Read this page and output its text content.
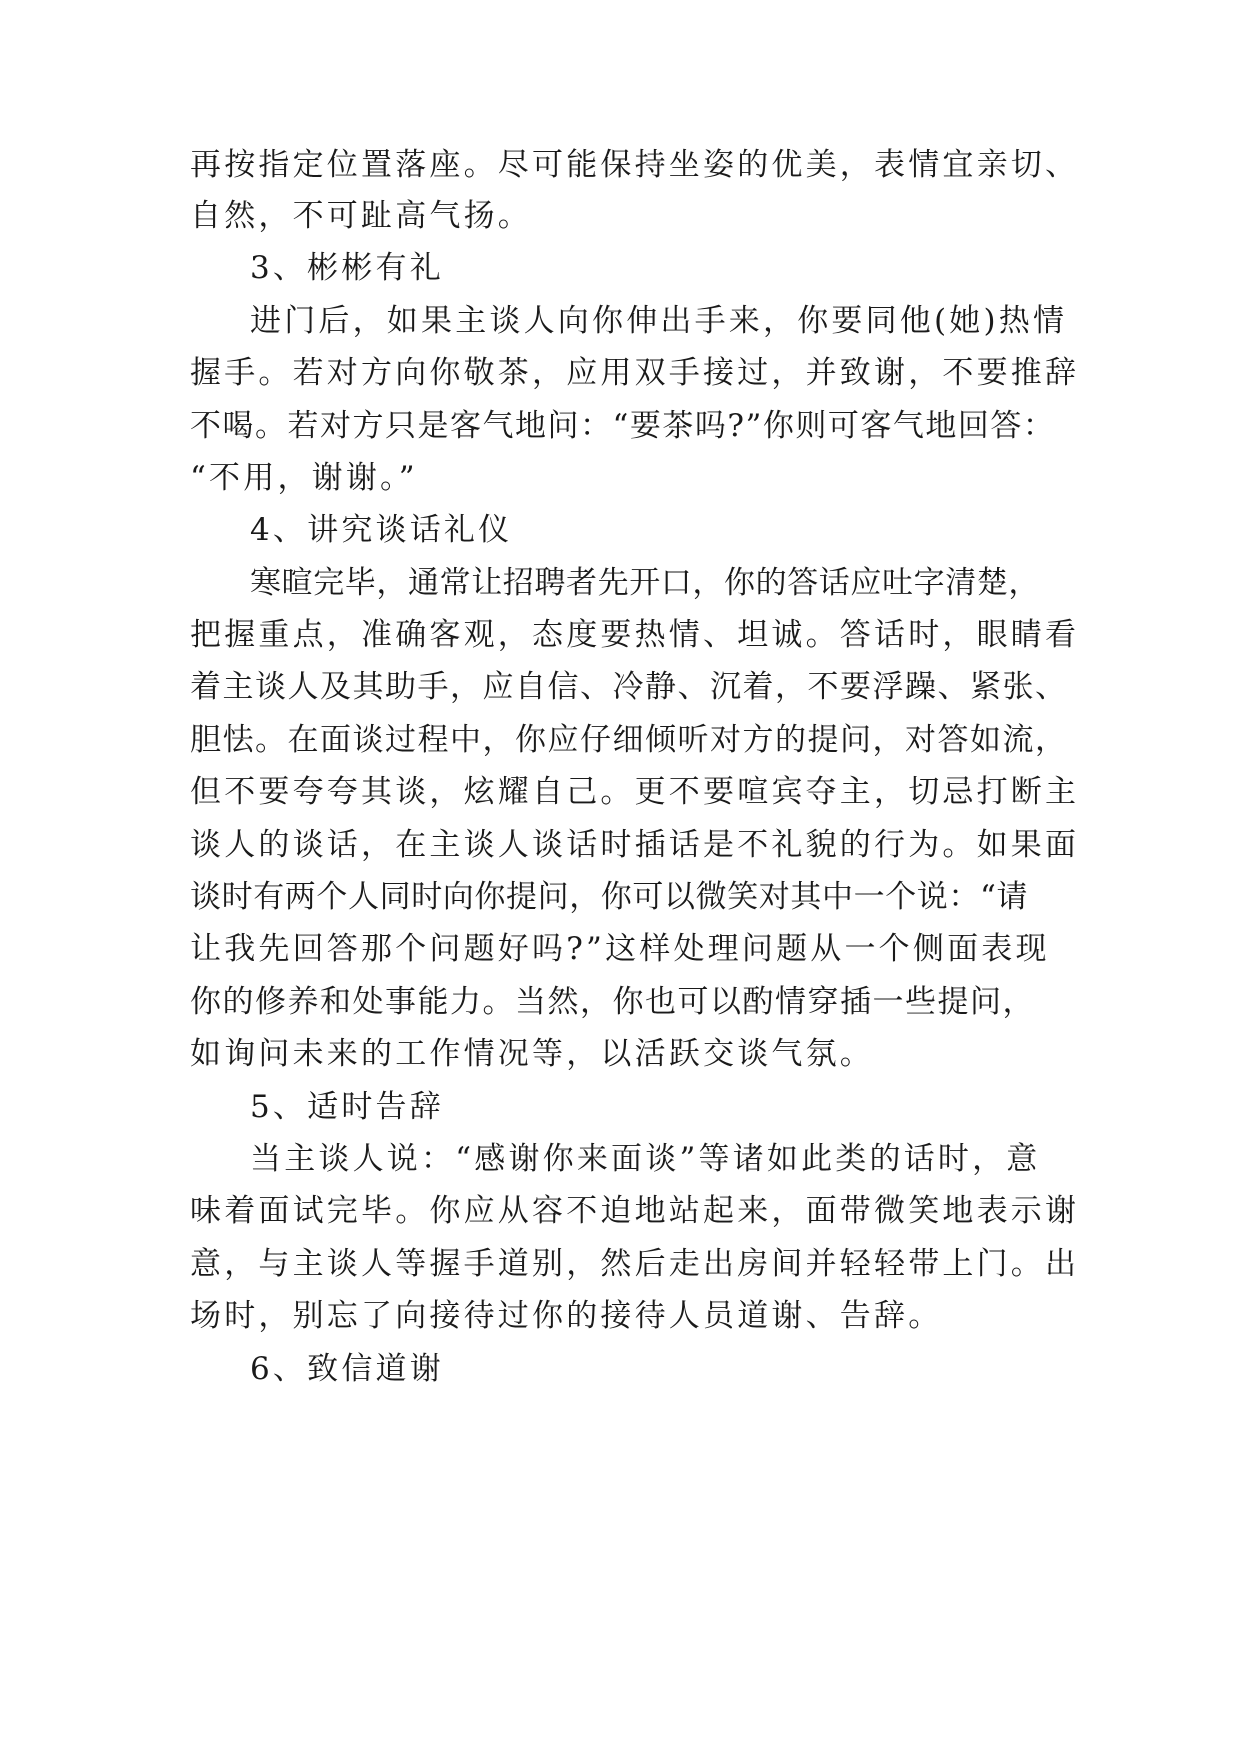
再按指定位置落座。尽可能保持坐姿的优美，表情宜亲切、
自然，不可趾高气扬。
3、彬彬有礼
进门后，如果主谈人向你伸出手来，你要同他(她)热情
握手。若对方向你敬茶，应用双手接过，并致谢，不要推辞
不喝。若对方只是客气地问：“要茶吗?”你则可客气地回答：
“不用，谢谢。”
4、讲究谈话礼仪
寒暄完毕，通常让招聘者先开口，你的答话应吐字清楚，
把握重点，准确客观，态度要热情、坦诚。答话时，眼睛看
着主谈人及其助手，应自信、冷静、沉着，不要浮躁、紧张、
胆怯。在面谈过程中，你应仔细倾听对方的提问，对答如流，
但不要夸夸其谈，炫耀自己。更不要喧宾夺主，切忌打断主
谈人的谈话，在主谈人谈话时插话是不礼貌的行为。如果面
谈时有两个人同时向你提问，你可以微笑对其中一个说：“请
让我先回答那个问题好吗?”这样处理问题从一个侧面表现
你的修养和处事能力。当然，你也可以酌情穿插一些提问，
如询问未来的工作情况等，以活跃交谈气氛。
5、适时告辞
当主谈人说：“感谢你来面谈”等诸如此类的话时，意
味着面试完毕。你应从容不迫地站起来，面带微笑地表示谢
意，与主谈人等握手道别，然后走出房间并轻轻带上门。出
场时，别忘了向接待过你的接待人员道谢、告辞。
6、致信道谢
